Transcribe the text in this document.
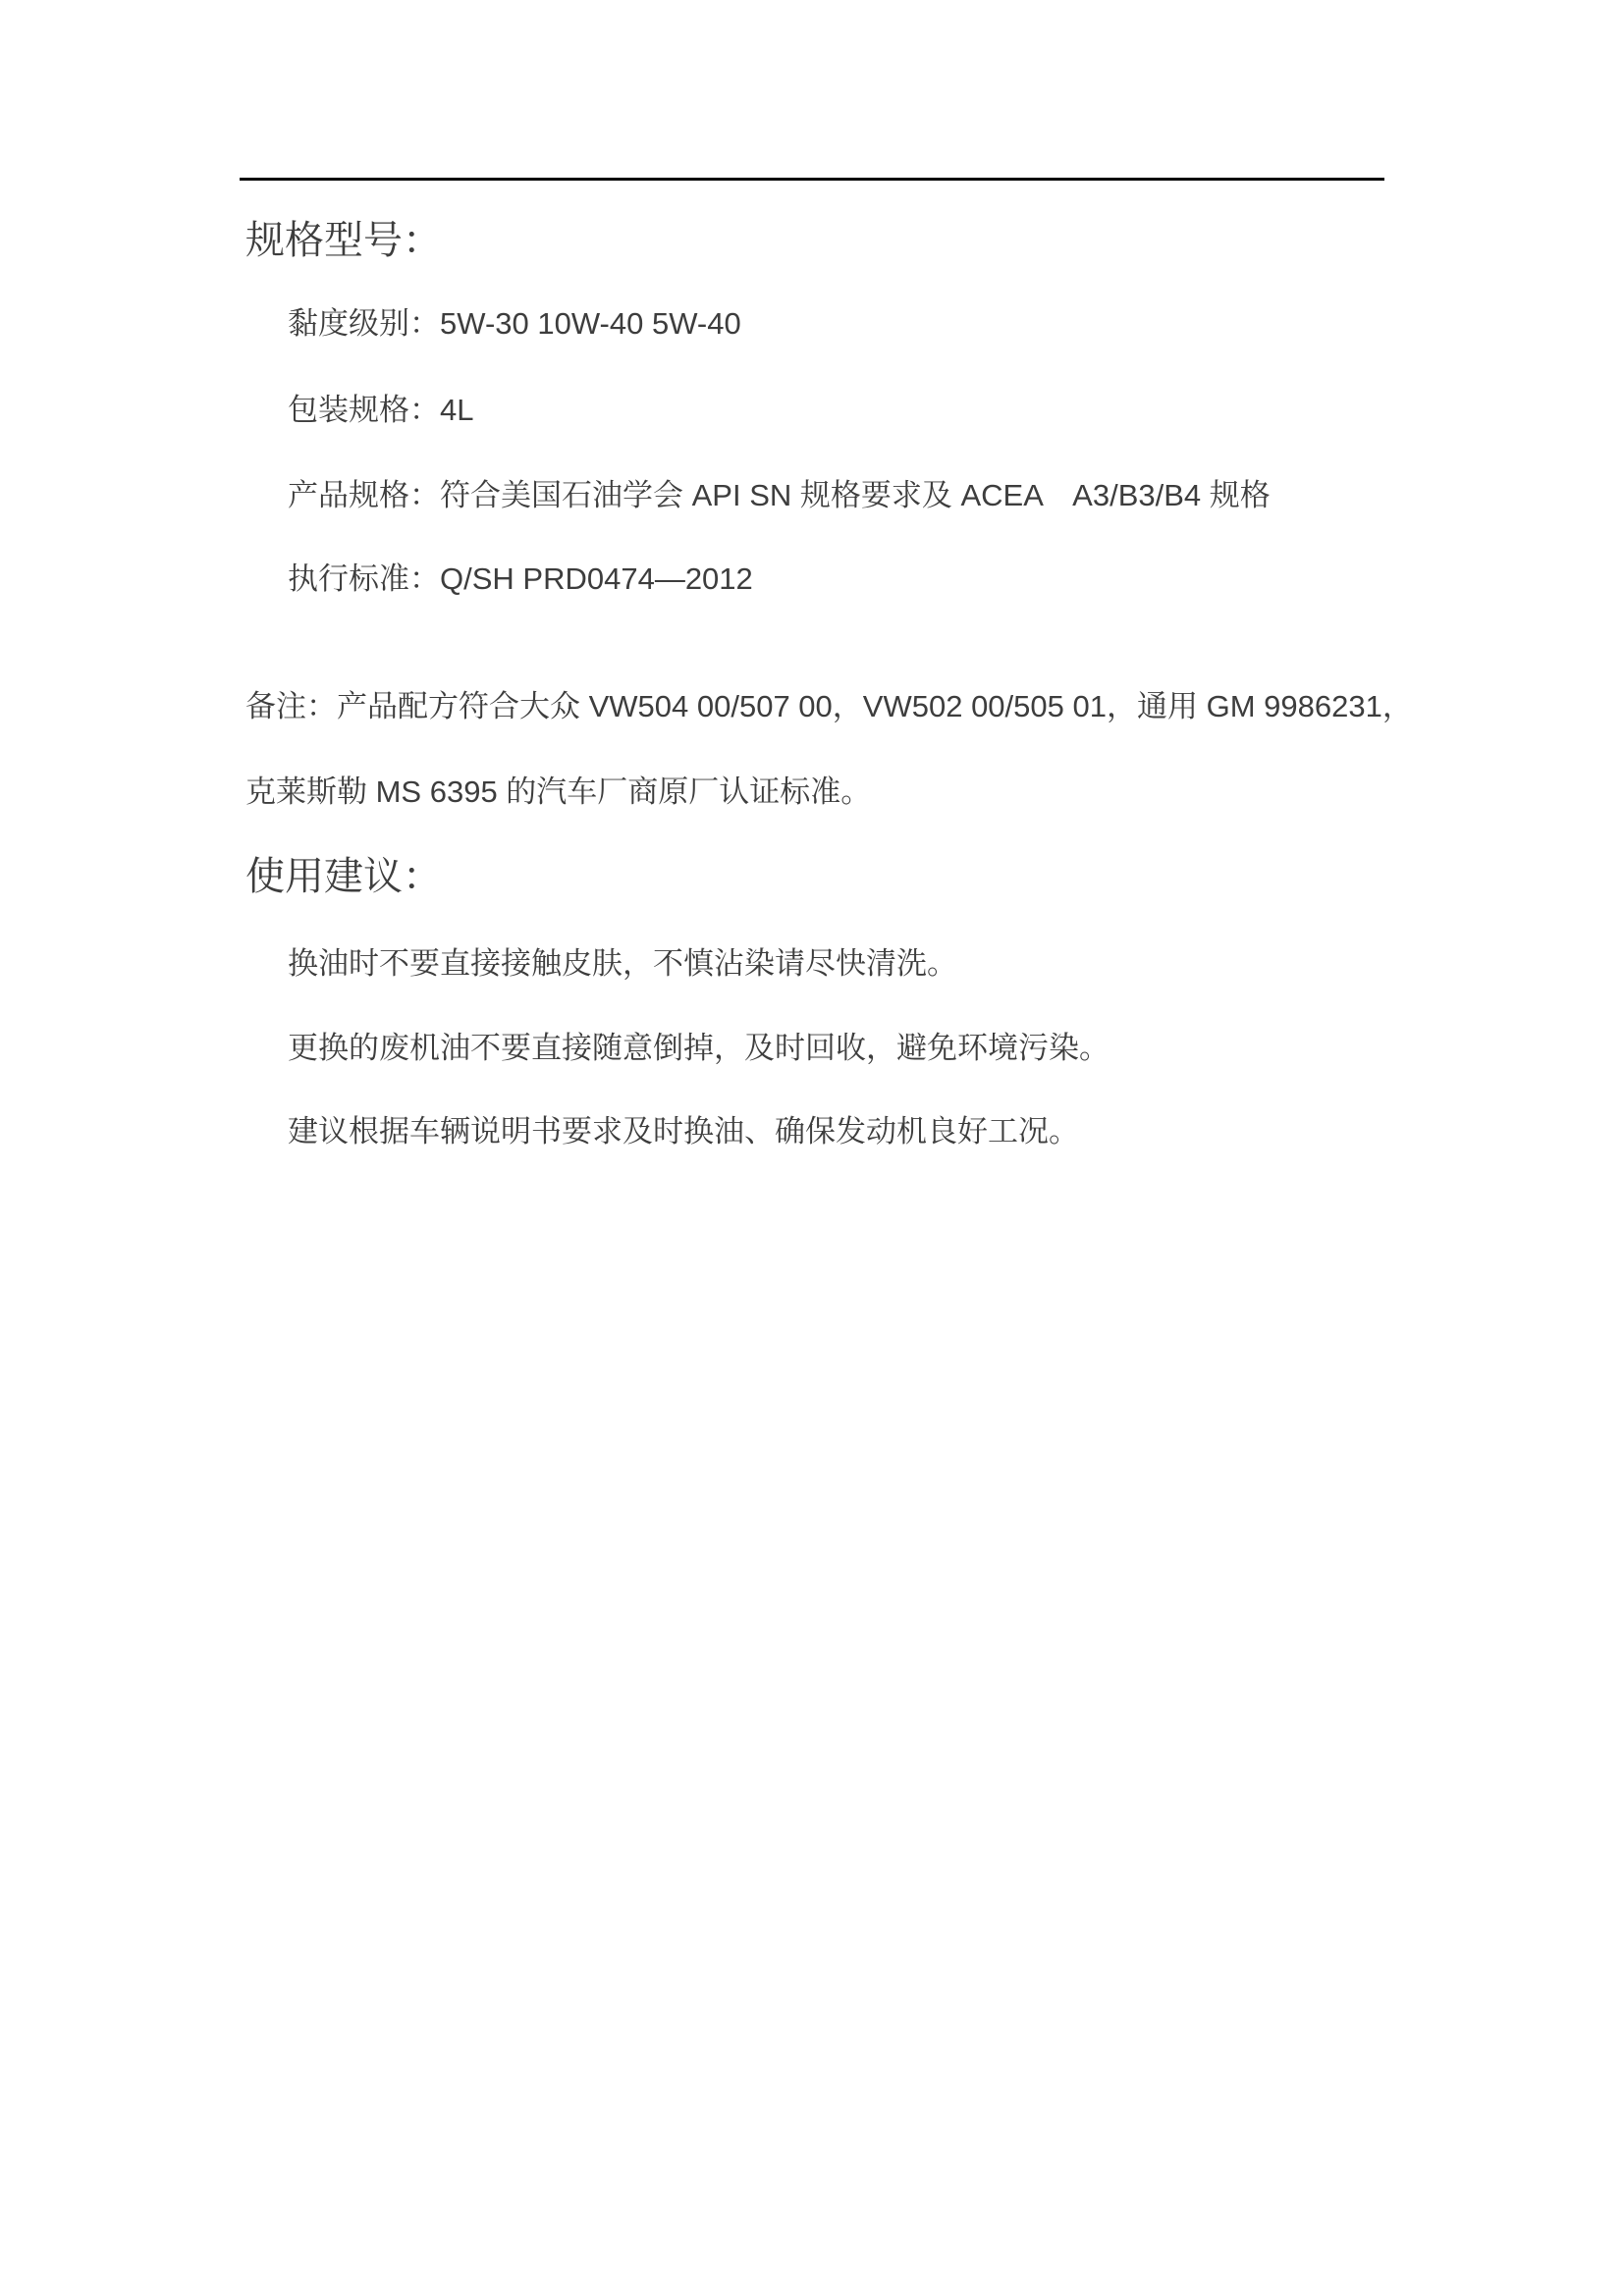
规格型号：
黏度级别：5W-30 10W-40 5W-40
包装规格：4L
产品规格：符合美国石油学会 API SN 规格要求及 ACEA　A3/B3/B4 规格
执行标准：Q/SH PRD0474—2012
备注：产品配方符合大众 VW504 00/507 00，VW502 00/505 01，通用 GM 9986231，
克莱斯勒 MS 6395 的汽车厂商原厂认证标准。
使用建议：
换油时不要直接接触皮肤，不慎沾染请尽快清洗。
更换的废机油不要直接随意倒掉，及时回收，避免环境污染。
建议根据车辆说明书要求及时换油、确保发动机良好工况。
